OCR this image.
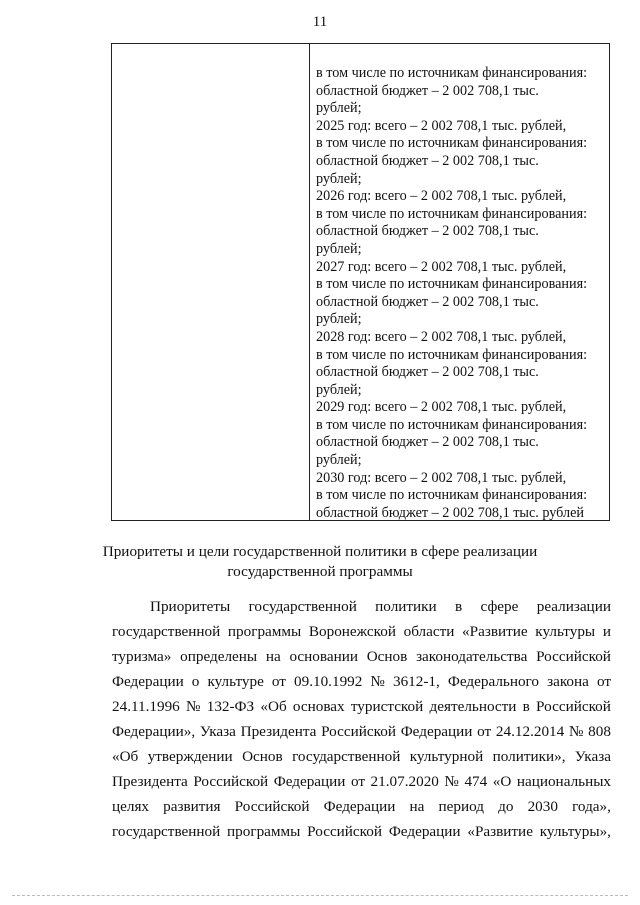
11
в том числе по источникам финансирования:
областной бюджет – 2 002 708,1 тыс.
рублей;
2025 год: всего – 2 002 708,1 тыс. рублей,
в том числе по источникам финансирования:
областной бюджет – 2 002 708,1 тыс.
рублей;
2026 год: всего – 2 002 708,1 тыс. рублей,
в том числе по источникам финансирования:
областной бюджет – 2 002 708,1 тыс.
рублей;
2027 год: всего – 2 002 708,1 тыс. рублей,
в том числе по источникам финансирования:
областной бюджет – 2 002 708,1 тыс.
рублей;
2028 год: всего – 2 002 708,1 тыс. рублей,
в том числе по источникам финансирования:
областной бюджет – 2 002 708,1 тыс.
рублей;
2029 год: всего – 2 002 708,1 тыс. рублей,
в том числе по источникам финансирования:
областной бюджет – 2 002 708,1 тыс.
рублей;
2030 год: всего – 2 002 708,1 тыс. рублей,
в том числе по источникам финансирования:
областной бюджет – 2 002 708,1 тыс. рублей
Приоритеты и цели государственной политики в сфере реализации
государственной программы
Приоритеты государственной политики в сфере реализации
государственной программы Воронежской области «Развитие культуры и
туризма» определены на основании Основ законодательства Российской
Федерации о культуре от 09.10.1992 № 3612-1, Федерального закона от
24.11.1996 № 132-ФЗ «Об основах туристской деятельности в Российской
Федерации», Указа Президента Российской Федерации от 24.12.2014 № 808
«Об утверждении Основ государственной культурной политики», Указа
Президента Российской Федерации от 21.07.2020 № 474 «О национальных
целях развития Российской Федерации на период до 2030 года»,
государственной программы Российской Федерации «Развитие культуры»,
